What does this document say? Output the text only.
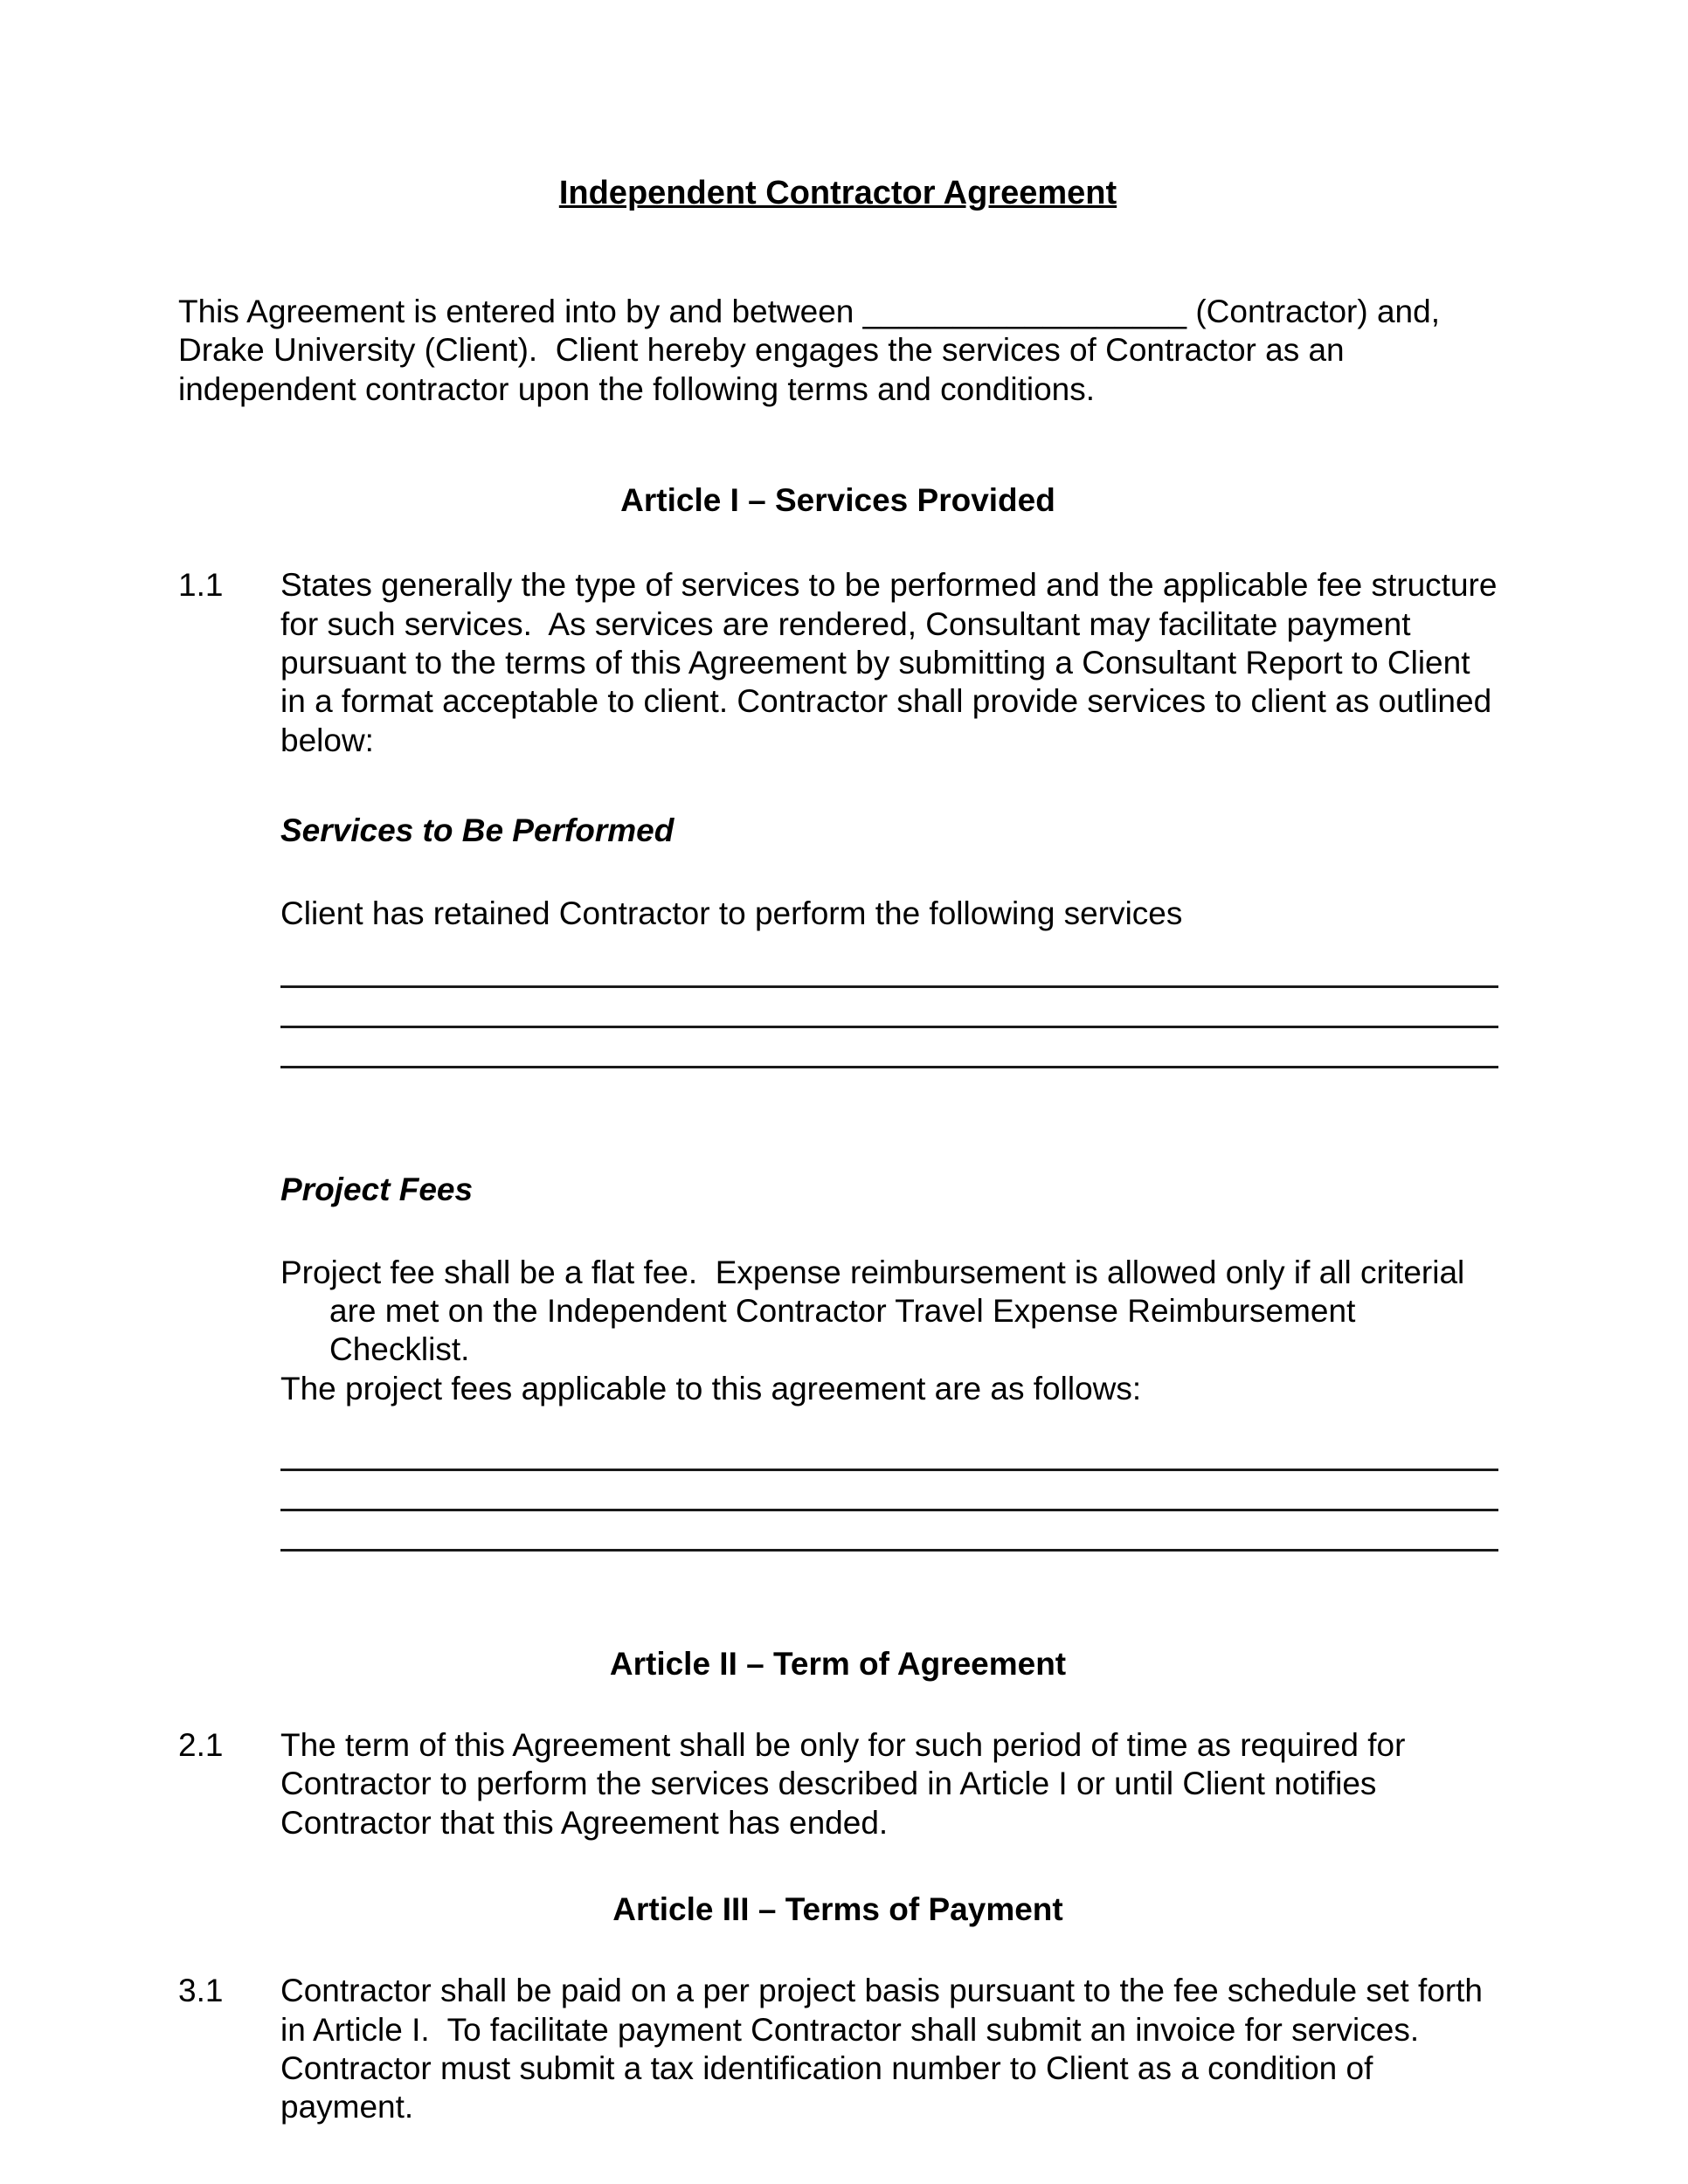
Independent Contractor Agreement

This Agreement is entered into by and between __________________ (Contractor) and, Drake University (Client).  Client hereby engages the services of Contractor as an independent contractor upon the following terms and conditions.

Article I – Services Provided
1.1	States generally the type of services to be performed and the applicable fee structure for such services.  As services are rendered, Consultant may facilitate payment pursuant to the terms of this Agreement by submitting a Consultant Report to Client in a format acceptable to client. Contractor shall provide services to client as outlined below:
Services to Be Performed

Client has retained Contractor to perform the following services

Project Fees

Project fee shall be a flat fee.  Expense reimbursement is allowed only if all criterial are met on the Independent Contractor Travel Expense Reimbursement Checklist.

The project fees applicable to this agreement are as follows:

Article II – Term of Agreement
2.1	The term of this Agreement shall be only for such period of time as required for Contractor to perform the services described in Article I or until Client notifies Contractor that this Agreement has ended.
Article III – Terms of Payment
3.1	Contractor shall be paid on a per project basis pursuant to the fee schedule set forth in Article I.  To facilitate payment Contractor shall submit an invoice for services. Contractor must submit a tax identification number to Client as a condition of payment.
